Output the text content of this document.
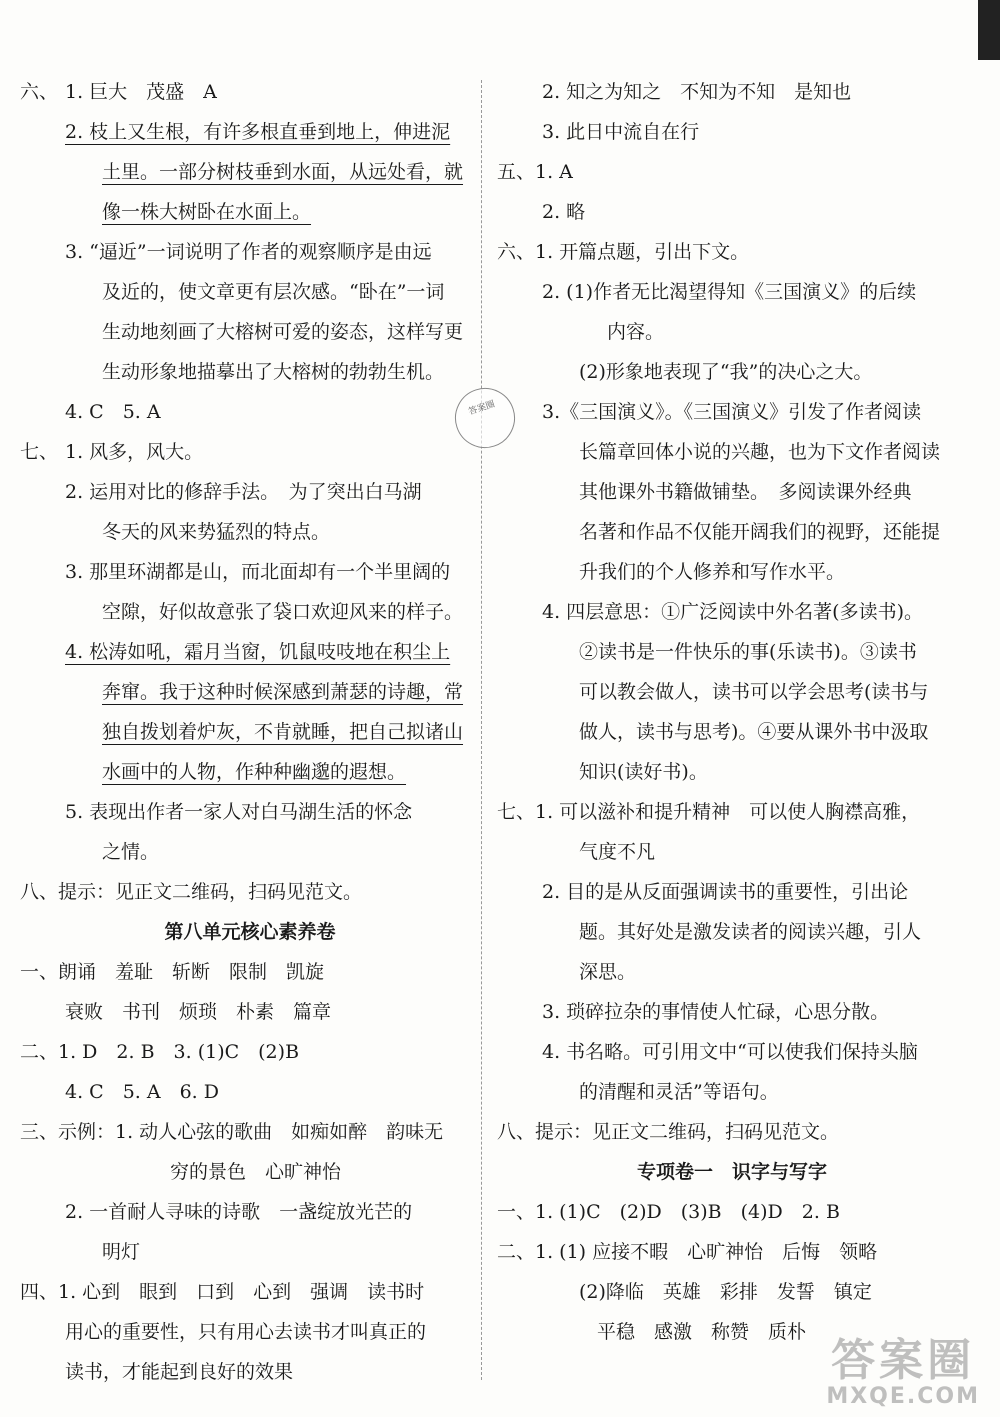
六、 1. 巨大　茂盛　A
2. 枝上又生根，有许多根直垂到地上，伸进泥
土里。一部分树枝垂到水面，从远处看，就
像一株大树卧在水面上。
3. “逼近”一词说明了作者的观察顺序是由远
及近的，使文章更有层次感。“卧在”一词
生动地刻画了大榕树可爱的姿态，这样写更
生动形象地描摹出了大榕树的勃勃生机。
4. C　5. A
七、 1. 风多，风大。
2. 运用对比的修辞手法。　为了突出白马湖
冬天的风来势猛烈的特点。
3. 那里环湖都是山，而北面却有一个半里阔的
空隙，好似故意张了袋口欢迎风来的样子。
4. 松涛如吼，霜月当窗，饥鼠吱吱地在积尘上
奔窜。我于这种时候深感到萧瑟的诗趣，常
独自拨划着炉灰，不肯就睡，把自己拟诸山
水画中的人物，作种种幽邈的遐想。
5. 表现出作者一家人对白马湖生活的怀念
之情。
八、提示：见正文二维码，扫码见范文。
第八单元核心素养卷
一、朗诵　羞耻　斩断　限制　凯旋
衰败　书刊　烦琐　朴素　篇章
二、1. D　2. B　3. (1)C　(2)B
4. C　5. A　6. D
三、示例：1. 动人心弦的歌曲　如痴如醉　韵味无
穷的景色　心旷神怡
2. 一首耐人寻味的诗歌　一盏绽放光芒的
明灯
四、1. 心到　眼到　口到　心到　强调　读书时
用心的重要性，只有用心去读书才叫真正的
读书，才能起到良好的效果
2. 知之为知之　不知为不知　是知也
3. 此日中流自在行
五、1. A
2. 略
六、1. 开篇点题，引出下文。
2. (1)作者无比渴望得知《三国演义》的后续
内容。
(2)形象地表现了“我”的决心之大。
3.《三国演义》。《三国演义》引发了作者阅读
长篇章回体小说的兴趣，也为下文作者阅读
其他课外书籍做铺垫。　多阅读课外经典
名著和作品不仅能开阔我们的视野，还能提
升我们的个人修养和写作水平。
4. 四层意思：①广泛阅读中外名著(多读书)。
②读书是一件快乐的事(乐读书)。③读书
可以教会做人，读书可以学会思考(读书与
做人，读书与思考)。④要从课外书中汲取
知识(读好书)。
七、1. 可以滋补和提升精神　可以使人胸襟高雅，
气度不凡
2. 目的是从反面强调读书的重要性，引出论
题。其好处是激发读者的阅读兴趣，引人
深思。
3. 琐碎拉杂的事情使人忙碌，心思分散。
4. 书名略。可引用文中“可以使我们保持头脑
的清醒和灵活”等语句。
八、提示：见正文二维码，扫码见范文。
专项卷一　识字与写字
一、1. (1)C　(2)D　(3)B　(4)D　2. B
二、1. (1) 应接不暇　心旷神怡　后悔　领略
(2)降临　英雄　彩排　发誓　镇定
平稳　感激　称赞　质朴
答案圈
答案圈
MXQE.COM
